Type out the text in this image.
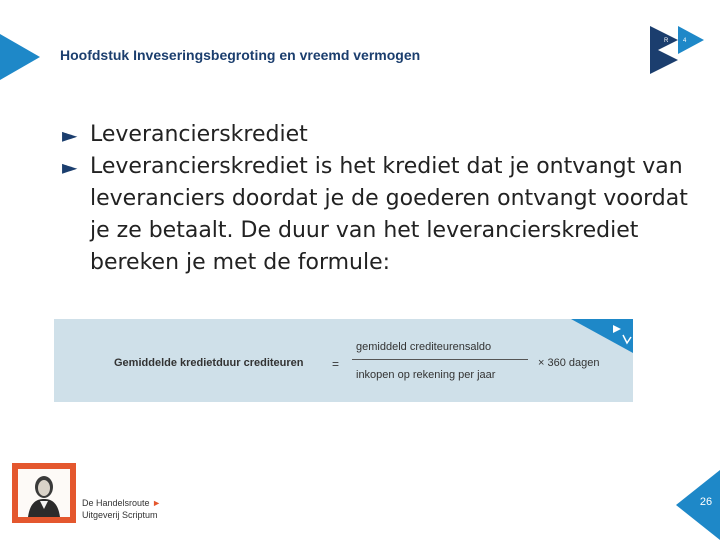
Hoofdstuk Inveseringsbegroting en vreemd vermogen
R 4
► Leverancierskrediet
► Leverancierskrediet is het krediet dat je ontvangt van leveranciers doordat je de goederen ontvangt voordat je ze betaalt. De duur van het leverancierskrediet bereken je met de formule:
Gemiddelde kredietduur crediteuren =
gemiddeld crediteurensaldo
inkopen op rekening per jaar
× 360 dagen
De Handelsroute ►
Uitgeverij Scriptum
26
